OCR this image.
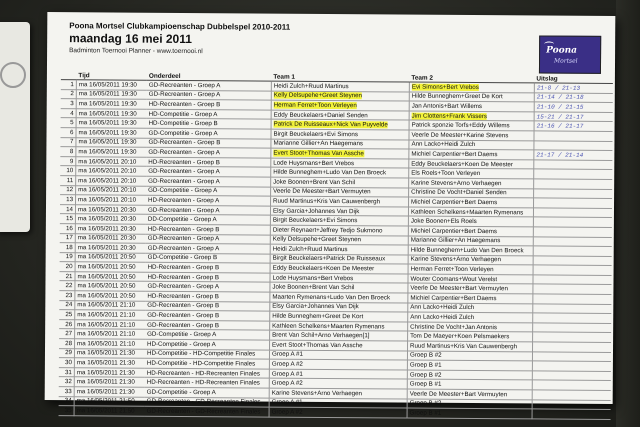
Poona Mortsel Clubkampioenschap Dubbelspel 2010-2011
maandag 16 mei 2011
Badminton Toernooi Planner - www.toernooi.nl	Poona
Mortsel
	Tijd	Onderdeel	Team 1	Team 2	Uitslag
1	ma 16/05/2011 19:30	GD-Recreanten - Groep A	Heidi Zulch+Ruud Martinus	Evi Simons+Bert Vrebos	21-8 / 21-13
2	ma 16/05/2011 19:30	GD-Recreanten - Groep A	Kelly Delsupehe+Greet Steynen	Hilde Bunneghem+Greet De Kort	21-14 / 21-18
3	ma 16/05/2011 19:30	HD-Recreanten - Groep B	Herman Ferret+Toon Verleyen	Jan Antonis+Bart Willems	21-10 / 21-15
4	ma 16/05/2011 19:30	HD-Competitie - Groep A	Eddy Beuckelaers+Daniel Senden	Jim Clottens+Frank Vissers	15-21 / 21-17
5	ma 16/05/2011 19:30	HD-Competitie - Groep B	Patrick De Ruisseaux+Nick Van Puyvelde	Patrick sponzie Torfs+Eddy Willems	21-16 / 21-17
6	ma 16/05/2011 19:30	GD-Competitie - Groep A	Birgit Beuckelaers+Evi Simons	Veerle De Meester+Karine Stevens	
7	ma 16/05/2011 19:30	GD-Recreanten - Groep B	Marianne Gillier+An Haegemans	Ann Lacko+Heidi Zulch	
8	ma 16/05/2011 19:30	GD-Recreanten - Groep A	Evert Stoot+Thomas Van Assche	Michiel Carpentier+Bert Daems	21-17 / 21-14
9	ma 16/05/2011 20:10	HD-Recreanten - Groep B	Lode Huysmans+Bert Vrebos	Eddy Beuckelaers+Koen De Meester	
10	ma 16/05/2011 20:10	GD-Recreanten - Groep A	Hilde Bunneghem+Ludo Van Den Broeck	Els Roels+Toon Verleyen	
11	ma 16/05/2011 20:10	GD-Recreanten - Groep A	Joke Boonen+Brent Van Schil	Karine Stevens+Arno Verhaegen	
12	ma 16/05/2011 20:10	GD-Competitie - Groep A	Veerle De Meester+Bart Vermuyten	Christine De Vocht+Daniel Senden	
13	ma 16/05/2011 20:10	HD-Recreanten - Groep A	Ruud Martinus+Kris Van Cauwenbergh	Michiel Carpentier+Bert Daems	
14	ma 16/05/2011 20:30	GD-Recreanten - Groep A	Elsy Garcia+Johannes Van Dijk	Kathleen Schelkens+Maarten Rymenans	
15	ma 16/05/2011 20:30	DD-Competitie - Groep A	Birgit Beuckelaers+Evi Simons	Joke Boonen+Els Roels	
16	ma 16/05/2011 20:30	HD-Recreanten - Groep B	Dieter Reynaert+Jeffrey Tedjo Sukmono	Michiel Carpentier+Bert Daems	
17	ma 16/05/2011 20:30	GD-Recreanten - Groep A	Kelly Delsupehe+Greet Steynen	Marianne Gillier+An Haegemans	
18	ma 16/05/2011 20:30	GD-Recreanten - Groep A	Heidi Zulch+Ruud Martinus	Hilde Bunneghem+Ludo Van Den Broeck	
19	ma 16/05/2011 20:50	GD-Competitie - Groep B	Birgit Beuckelaers+Patrick De Ruisseaux	Karine Stevens+Arno Verhaegen	
20	ma 16/05/2011 20:50	HD-Recreanten - Groep B	Eddy Beuckelaers+Koen De Meester	Herman Ferret+Toon Verleyen	
21	ma 16/05/2011 20:50	HD-Recreanten - Groep B	Lode Huysmans+Bert Vrebos	Wouter Coomans+Wout Verelst	
22	ma 16/05/2011 20:50	GD-Recreanten - Groep A	Joke Boonen+Brent Van Schil	Veerle De Meester+Bart Vermuyten	
23	ma 16/05/2011 20:50	HD-Recreanten - Groep B	Maarten Rymenans+Ludo Van Den Broeck	Michiel Carpentier+Bert Daems	
24	ma 16/05/2011 21:10	GD-Recreanten - Groep B	Elsy Garcia+Johannes Van Dijk	Ann Lacko+Heidi Zulch	
25	ma 16/05/2011 21:10	GD-Recreanten - Groep B	Hilde Bunneghem+Greet De Kort	Ann Lacko+Heidi Zulch	
26	ma 16/05/2011 21:10	GD-Recreanten - Groep B	Kathleen Schelkens+Maarten Rymenans	Christine De Vocht+Jan Antonis	
27	ma 16/05/2011 21:10	GD-Competitie - Groep A	Brent Van Schil+Arno Verhaegen[1]	Tom De Maeyer+Koen Pelsmaekers	
28	ma 16/05/2011 21:10	HD-Competitie - Groep A	Evert Stoot+Thomas Van Assche	Ruud Martinus+Kris Van Cauwenbergh	
29	ma 16/05/2011 21:30	HD-Competitie - HD-Competitie Finales	Groep A #1	Groep B #2	
30	ma 16/05/2011 21:30	HD-Competitie - HD-Competitie Finales	Groep A #2	Groep B #1	
31	ma 16/05/2011 21:30	HD-Recreanten - HD-Recreanten Finales	Groep A #1	Groep B #2	
32	ma 16/05/2011 21:30	HD-Recreanten - HD-Recreanten Finales	Groep A #2	Groep B #1	
33	ma 16/05/2011 21:30	GD-Competitie - Groep A	Karine Stevens+Arno Verhaegen	Veerle De Meester+Bart Vermuyten	
34	ma 16/05/2011 21:50	GD-Recreanten - GD-Recreanten Finales	Groep A #1	Groep B #2	
35	ma 16/05/2011 21:50	GD-Recreanten - GD-Recreanten Finales	Groep A #2	Groep B #1	
